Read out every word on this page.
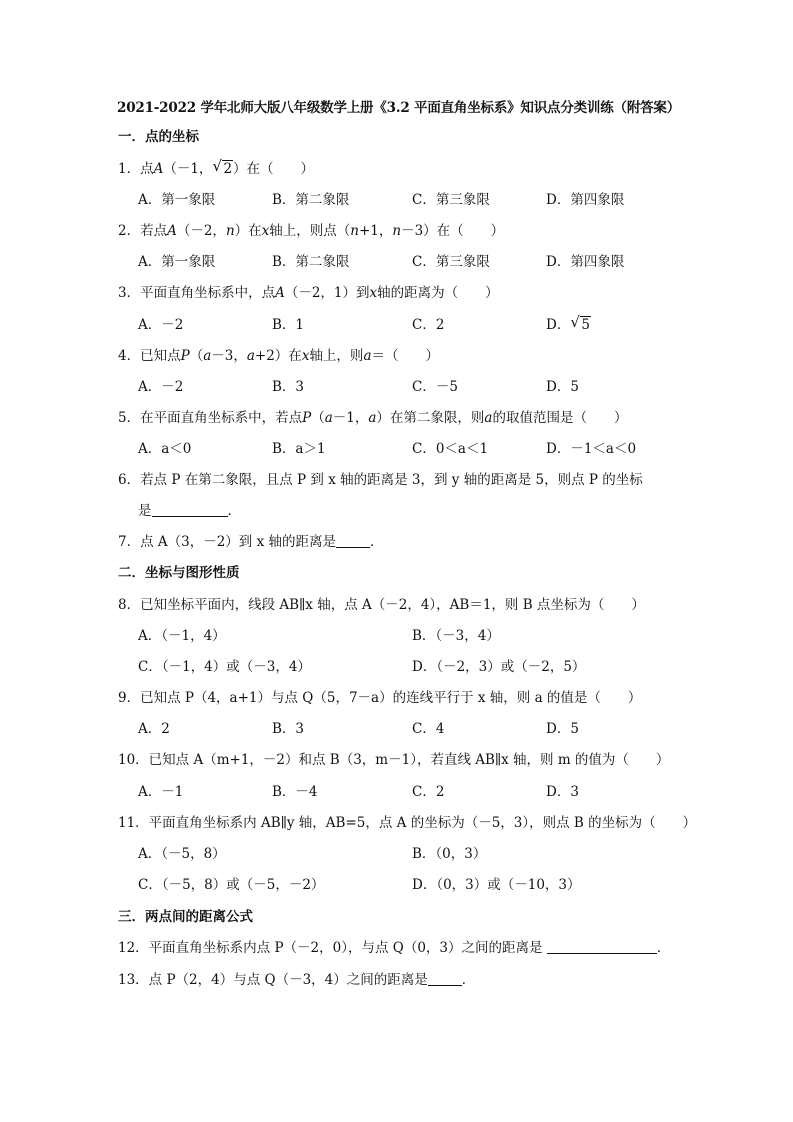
2021-2022 学年北师大版八年级数学上册《3.2 平面直角坐标系》知识点分类训练（附答案）
一．点的坐标
1．点A（－1， √ 2）在（　　）
A．第一象限	B．第二象限	C．第三象限	D．第四象限
2．若点A（－2，n）在x轴上，则点（n+1，n－3）在（　　）
A．第一象限	B．第二象限	C．第三象限	D．第四象限
3．平面直角坐标系中，点A（－2，1）到x轴的距离为（　　）
A．－2	B．1	C．2	D． √ 5
4．已知点P（a－3，a+2）在x轴上，则a＝（　　）
A．－2	B．3	C．－5	D．5
5．在平面直角坐标系中，若点P（a－1，a）在第二象限，则a的取值范围是（　　）
A．a＜0	B．a＞1	C．0＜a＜1	D．－1＜a＜0
6．若点 P 在第二象限，且点 P 到 x 轴的距离是 3，到 y 轴的距离是 5，则点 P 的坐标
是	．
7．点 A（3，－2）到 x 轴的距离是	．
二．坐标与图形性质
8．已知坐标平面内，线段 AB∥x 轴，点 A（－2，4），AB＝1，则 B 点坐标为（　　）
A．（－1，4）	B．（－3，4）
C．（－1，4）或（－3，4）	D．（－2，3）或（－2，5）
9．已知点 P（4，a+1）与点 Q（5，7－a）的连线平行于 x 轴，则 a 的值是（　　）
A．2	B．3	C．4	D．5
10．已知点 A（m+1，－2）和点 B（3，m－1），若直线 AB∥x 轴，则 m 的值为（　　）
A．－1	B．－4	C．2	D．3
11．平面直角坐标系内 AB∥y 轴，AB=5，点 A 的坐标为（－5，3），则点 B 的坐标为（　　）
A．（－5，8）	B．（0，3）
C．（－5，8）或（－5，－2）	D．（0，3）或（－10，3）
三．两点间的距离公式
12．平面直角坐标系内点 P（－2，0），与点 Q（0，3）之间的距离是	．
13．点 P（2，4）与点 Q（－3，4）之间的距离是	．
